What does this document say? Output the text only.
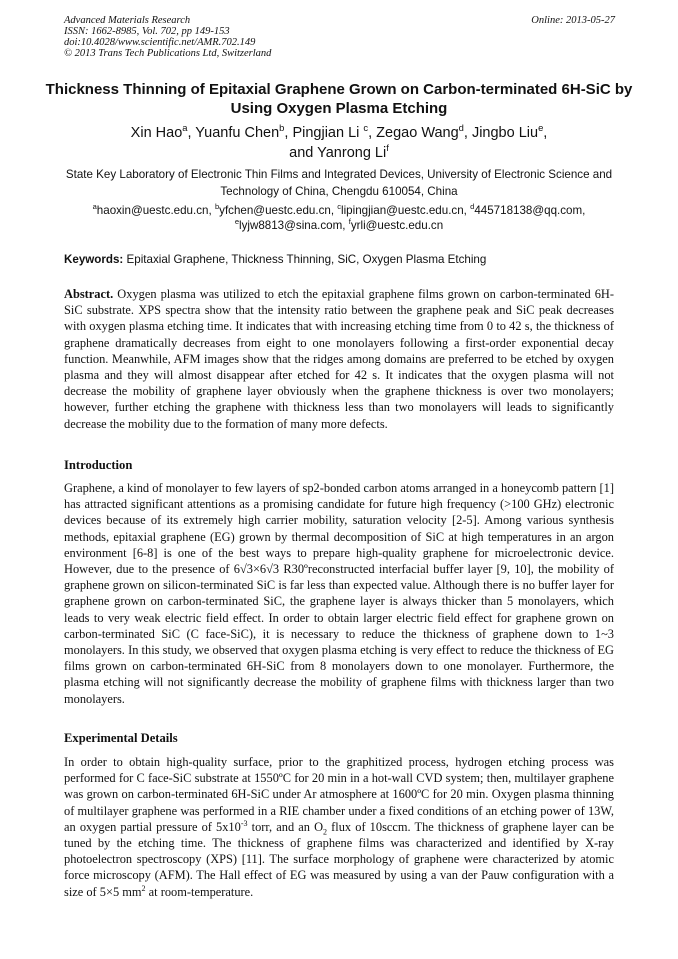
Advanced Materials Research
ISSN: 1662-8985, Vol. 702, pp 149-153
doi:10.4028/www.scientific.net/AMR.702.149
© 2013 Trans Tech Publications Ltd, Switzerland
Online: 2013-05-27
Thickness Thinning of Epitaxial Graphene Grown on Carbon-terminated 6H-SiC by Using Oxygen Plasma Etching
Xin Hao$^a$, Yuanfu Chen$^b$, Pingjian Li $^c$, Zegao Wang$^d$, Jingbo Liu$^e$,
and Yanrong Li$^f$
State Key Laboratory of Electronic Thin Films and Integrated Devices, University of Electronic Science and Technology of China, Chengdu 610054, China
$^a$haoxin@uestc.edu.cn, $^b$yfchen@uestc.edu.cn, $^c$lipingjian@uestc.edu.cn, $^d$445718138@qq.com,
$^e$lyjw8813@sina.com, $^f$yrli@uestc.edu.cn
Keywords: Epitaxial Graphene, Thickness Thinning, SiC, Oxygen Plasma Etching
Abstract. Oxygen plasma was utilized to etch the epitaxial graphene films grown on carbon-terminated 6H-SiC substrate. XPS spectra show that the intensity ratio between the graphene peak and SiC peak decreases with oxygen plasma etching time. It indicates that with increasing etching time from 0 to 42 s, the thickness of graphene dramatically decreases from eight to one monolayers following a first-order exponential decay function. Meanwhile, AFM images show that the ridges among domains are preferred to be etched by oxygen plasma and they will almost disappear after etched for 42 s. It indicates that the oxygen plasma will not decrease the mobility of graphene layer obviously when the graphene thickness is over two monolayers; however, further etching the graphene with thickness less than two monolayers will leads to significantly decrease the mobility due to the formation of many more defects.
Introduction
Graphene, a kind of monolayer to few layers of sp2-bonded carbon atoms arranged in a honeycomb pattern [1] has attracted significant attentions as a promising candidate for future high frequency (>100 GHz) electronic devices because of its extremely high carrier mobility, saturation velocity [2-5]. Among various synthesis methods, epitaxial graphene (EG) grown by thermal decomposition of SiC at high temperatures in an argon environment [6-8] is one of the best ways to prepare high-quality graphene for microelectronic device. However, due to the presence of 6√3×6√3 R30ºreconstructed interfacial buffer layer [9, 10], the mobility of graphene grown on silicon-terminated SiC is far less than expected value. Although there is no buffer layer for graphene grown on carbon-terminated SiC, the graphene layer is always thicker than 5 monolayers, which leads to very weak electric field effect. In order to obtain larger electric field effect for graphene grown on carbon-terminated SiC (C face-SiC), it is necessary to reduce the thickness of graphene down to 1~3 monolayers. In this study, we observed that oxygen plasma etching is very effect to reduce the thickness of EG films grown on carbon-terminated 6H-SiC from 8 monolayers down to one monolayer. Furthermore, the plasma etching will not significantly decrease the mobility of graphene films with thickness larger than two monolayers.
Experimental Details
In order to obtain high-quality surface, prior to the graphitized process, hydrogen etching process was performed for C face-SiC substrate at 1550ºC for 20 min in a hot-wall CVD system; then, multilayer graphene was grown on carbon-terminated 6H-SiC under Ar atmosphere at 1600ºC for 20 min. Oxygen plasma thinning of multilayer graphene was performed in a RIE chamber under a fixed conditions of an etching power of 13W, an oxygen partial pressure of $5x10^{-3}$ torr, and an $O_2$ flux of 10sccm. The thickness of graphene layer can be tuned by the etching time. The thickness of graphene films was characterized and identified by X-ray photoelectron spectroscopy (XPS) [11]. The surface morphology of graphene were characterized by atomic force microscopy (AFM). The Hall effect of EG was measured by using a van der Pauw configuration with a size of 5×5 $mm^2$ at room-temperature.
